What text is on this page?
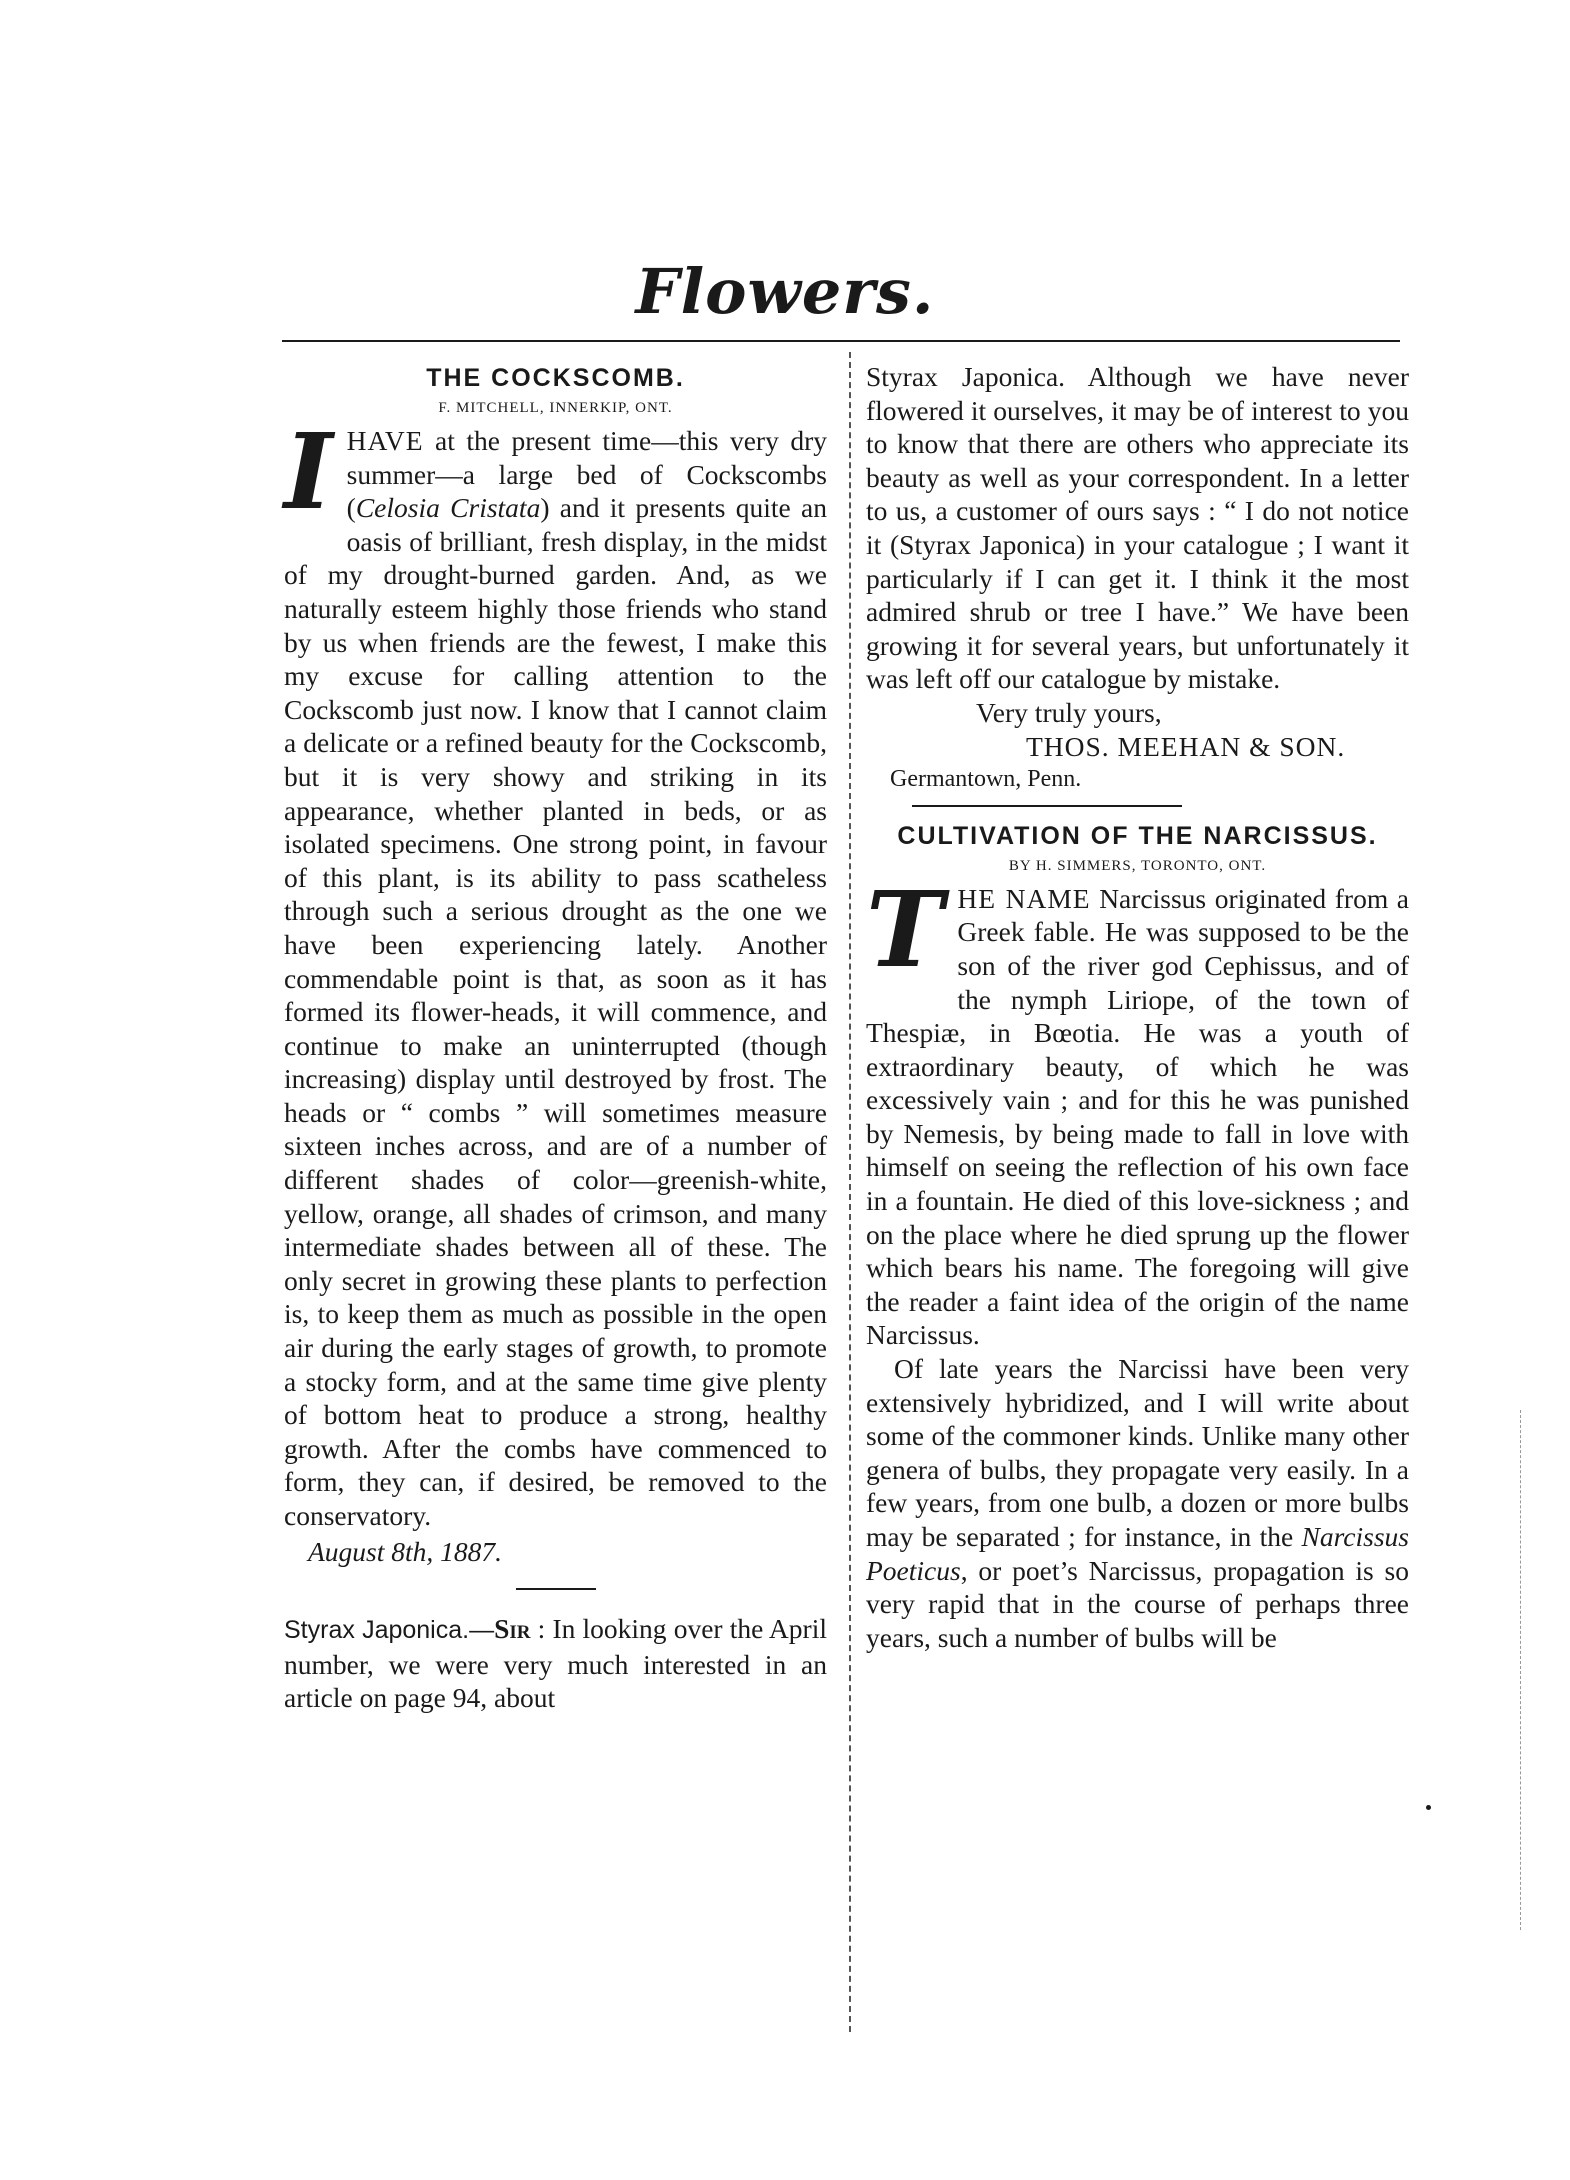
Flowers.
THE COCKSCOMB.
F. MITCHELL, INNERKIP, ONT.

IHAVE at the present time—this very dry summer—a large bed of Cockscombs (Celosia Cristata) and it presents quite an oasis of brilliant, fresh display, in the midst of my drought-burned garden. And, as we naturally esteem highly those friends who stand by us when friends are the fewest, I make this my excuse for calling attention to the Cockscomb just now. I know that I cannot claim a delicate or a refined beauty for the Cockscomb, but it is very showy and striking in its appearance, whether planted in beds, or as isolated specimens. One strong point, in favour of this plant, is its ability to pass scatheless through such a serious drought as the one we have been experiencing lately. Another commendable point is that, as soon as it has formed its flower-heads, it will commence, and continue to make an uninterrupted (though increasing) display until destroyed by frost. The heads or “ combs ” will sometimes measure sixteen inches across, and are of a number of different shades of color—greenish-white, yellow, orange, all shades of crimson, and many intermediate shades between all of these. The only secret in growing these plants to perfection is, to keep them as much as possible in the open air during the early stages of growth, to promote a stocky form, and at the same time give plenty of bottom heat to produce a strong, healthy growth. After the combs have commenced to form, they can, if desired, be removed to the conservatory.

August 8th, 1887.

Styrax Japonica.—Sir : In looking over the April number, we were very much interested in an article on page 94, about

Styrax Japonica. Although we have never flowered it ourselves, it may be of interest to you to know that there are others who appreciate its beauty as well as your correspondent. In a letter to us, a customer of ours says : “ I do not notice it (Styrax Japonica) in your catalogue ; I want it particularly if I can get it. I think it the most admired shrub or tree I have.” We have been growing it for several years, but unfortunately it was left off our catalogue by mistake.

Very truly yours,
THOS. MEEHAN & SON.
Germantown, Penn.
CULTIVATION OF THE NARCISSUS.
BY H. SIMMERS, TORONTO, ONT.

THE NAME Narcissus originated from a Greek fable. He was supposed to be the son of the river god Cephissus, and of the nymph Liriope, of the town of Thespiæ, in Bœotia. He was a youth of extraordinary beauty, of which he was excessively vain ; and for this he was punished by Nemesis, by being made to fall in love with himself on seeing the reflection of his own face in a fountain. He died of this love-sickness ; and on the place where he died sprung up the flower which bears his name. The foregoing will give the reader a faint idea of the origin of the name Narcissus.

Of late years the Narcissi have been very extensively hybridized, and I will write about some of the commoner kinds. Unlike many other genera of bulbs, they propagate very easily. In a few years, from one bulb, a dozen or more bulbs may be separated ; for instance, in the Narcissus Poeticus, or poet’s Narcissus, propagation is so very rapid that in the course of perhaps three years, such a number of bulbs will be
